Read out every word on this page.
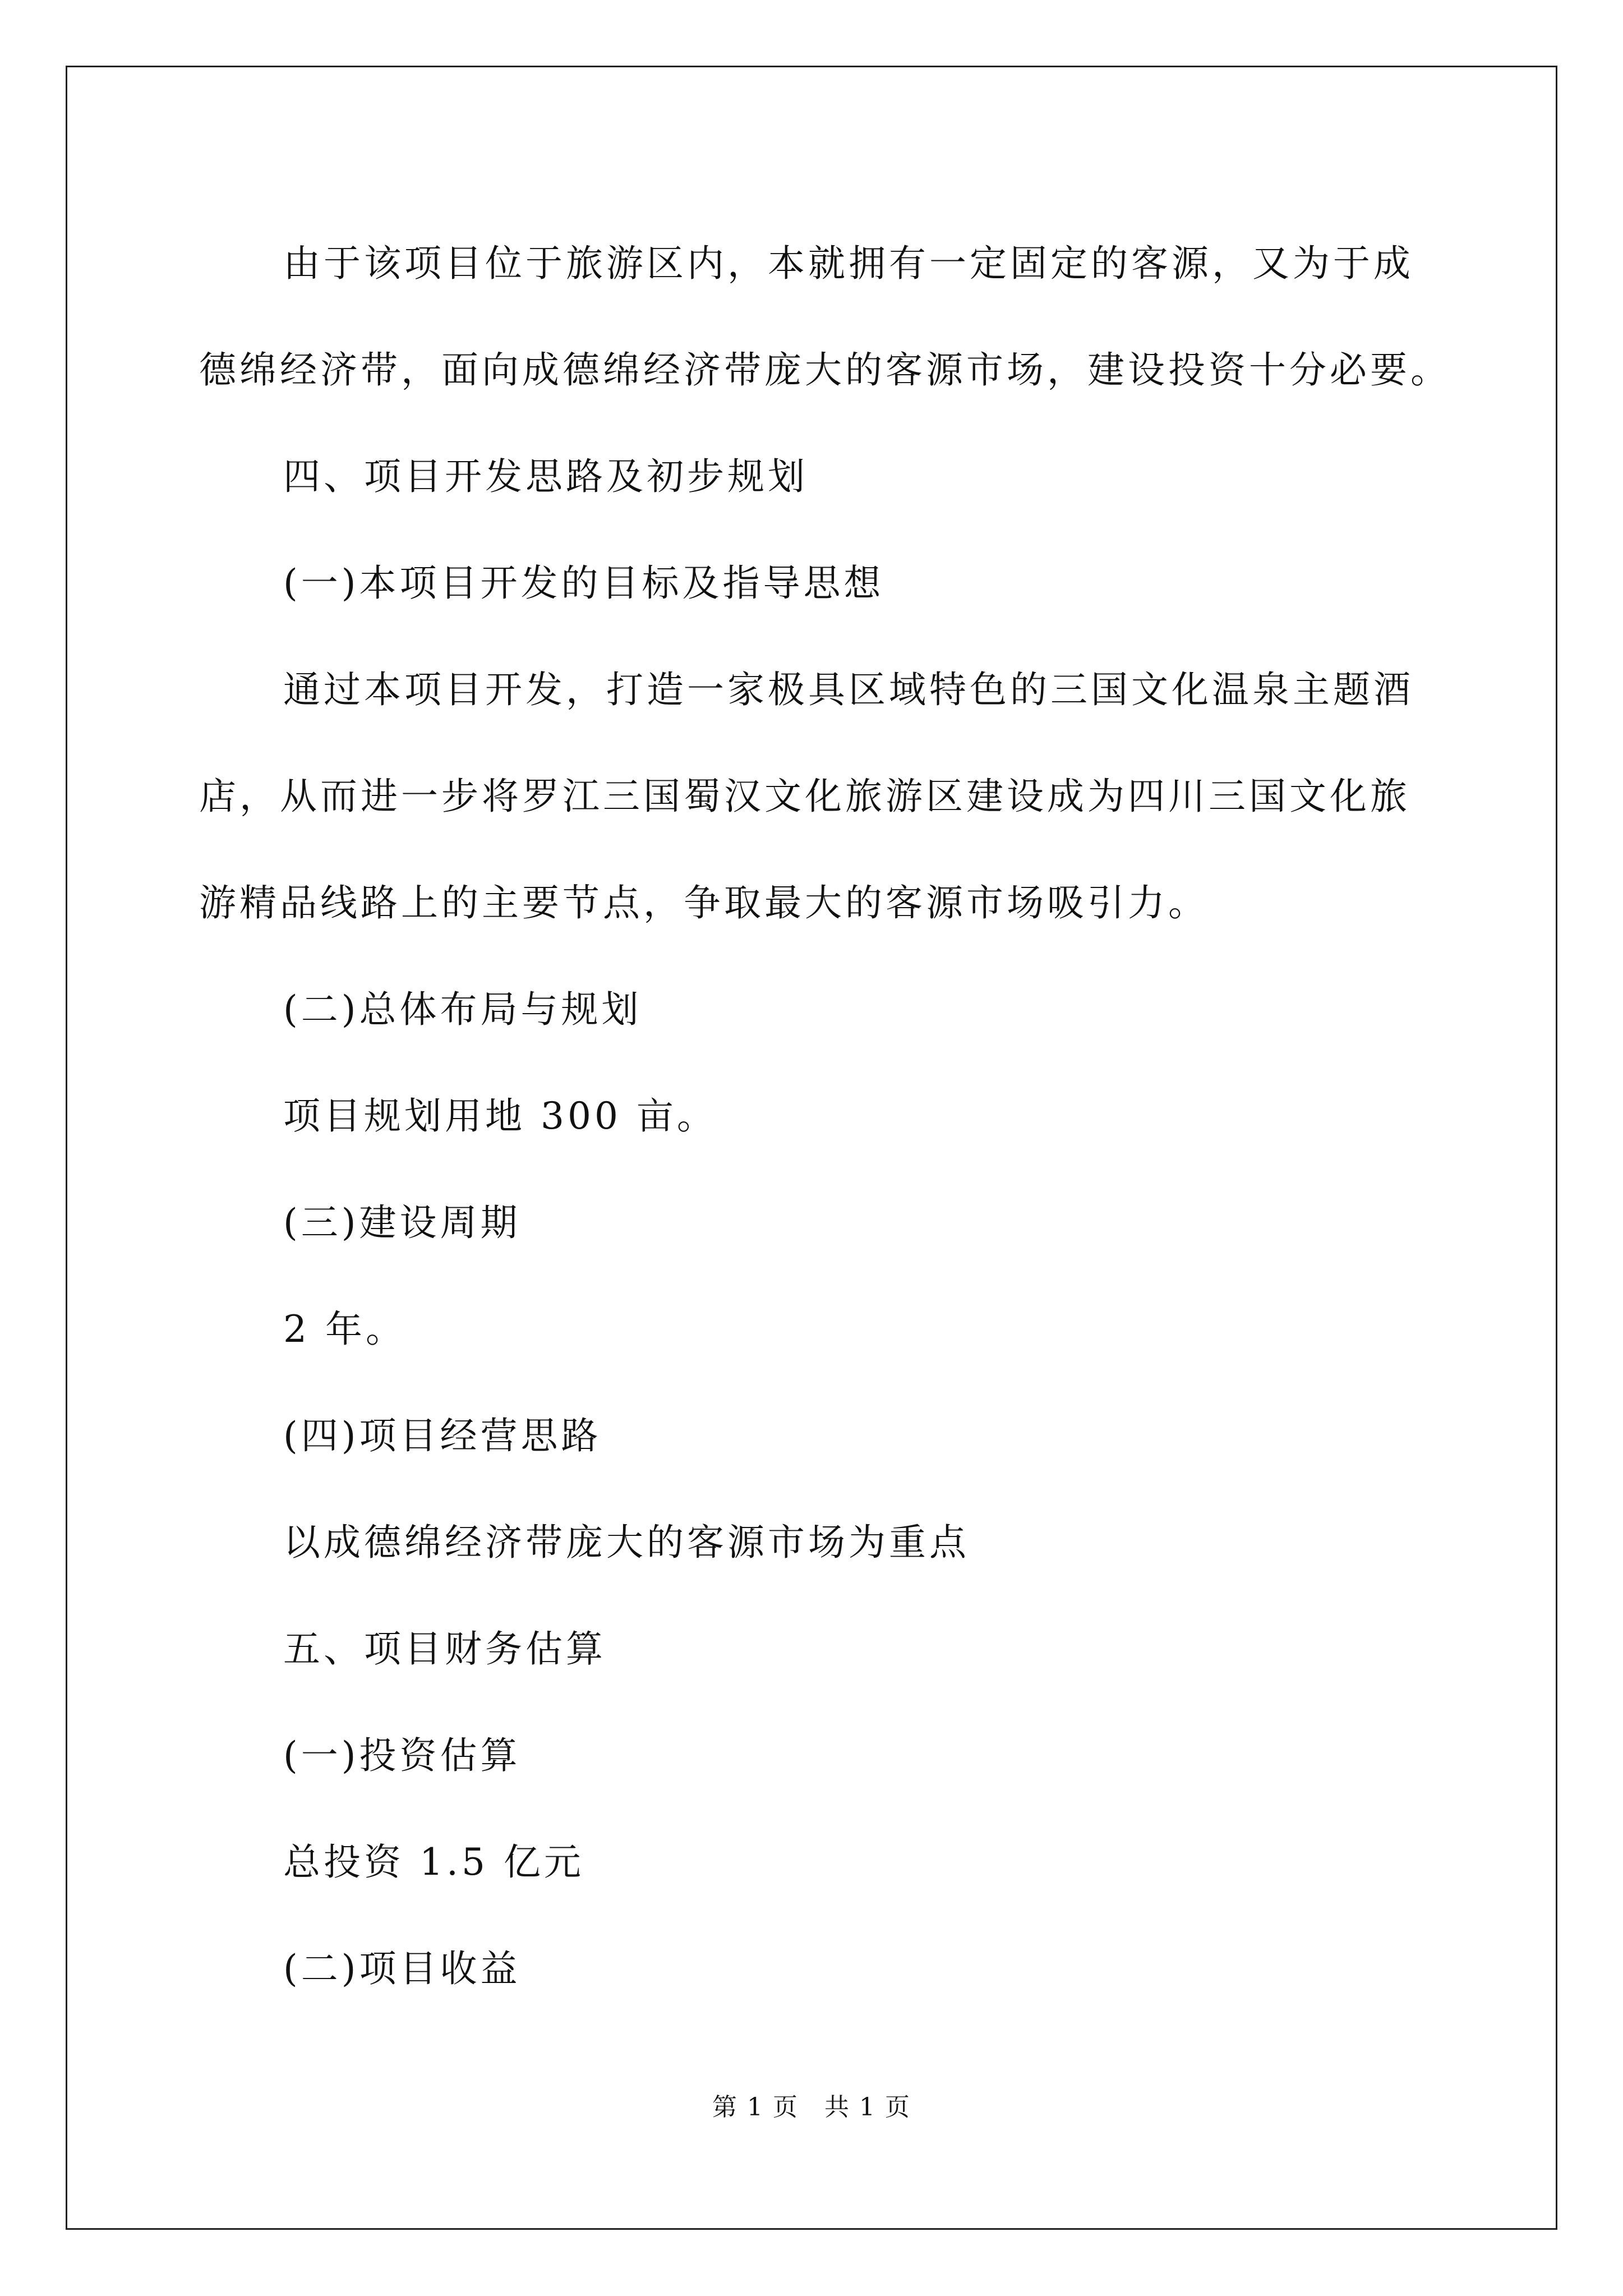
由于该项目位于旅游区内，本就拥有一定固定的客源，又为于成

德绵经济带，面向成德绵经济带庞大的客源市场，建设投资十分必要。

四、项目开发思路及初步规划

(一)本项目开发的目标及指导思想

通过本项目开发，打造一家极具区域特色的三国文化温泉主题酒

店，从而进一步将罗江三国蜀汉文化旅游区建设成为四川三国文化旅

游精品线路上的主要节点，争取最大的客源市场吸引力。

(二)总体布局与规划

项目规划用地 300 亩。

(三)建设周期

2 年。

(四)项目经营思路

以成德绵经济带庞大的客源市场为重点

五、项目财务估算

(一)投资估算

总投资 1.5 亿元

(二)项目收益

第 1 页　共 1 页
